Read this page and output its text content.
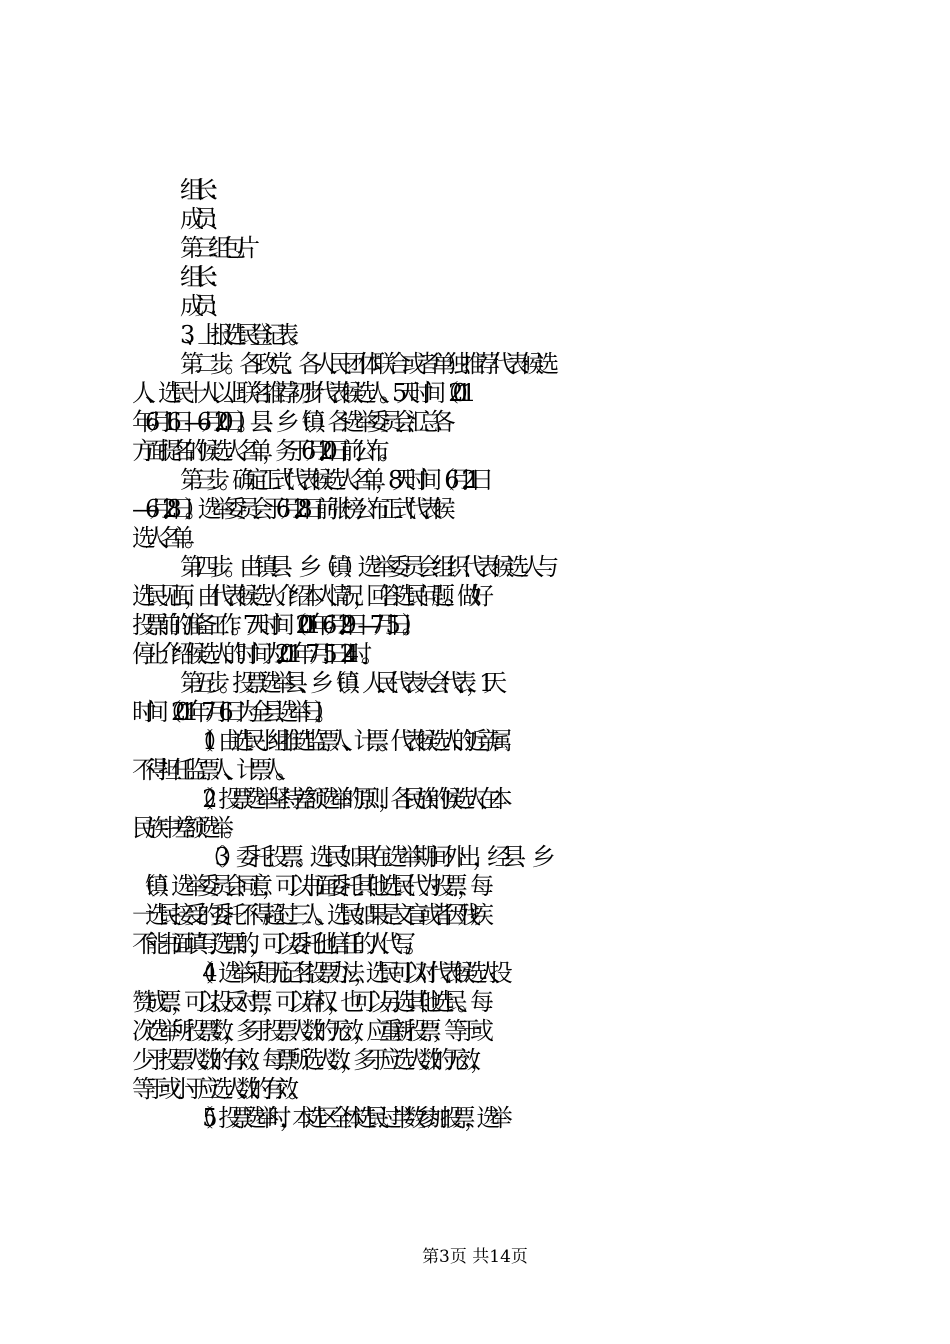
组长：
成员：
第三组包片
组长：
成员：
3、上报选民登记表。
第二步。各政党、各人民团体联合或者单独推荐代表候选
人、选民十人以上联名推荐初步代表候选人。5天时间（2011
年6月16日—6月20日）。县、乡（镇）各选举委员会汇总各
方面提名的候选人名单，务于6月20日前公布。
第三步。确定正式代表候选人名单，8天时间（6月21日
—6月28日）。选举委员会于6月28日前张榜公布正式代表候
选人名单。
第四步。由镇县、乡（镇）选举委员会组织代表候选人与
选民见面，由代表候选人介绍本人情况，回答选民问题。做好
投票前的准备工作。7天时间（2011年6月29日—7月5日）。
停止介绍候选人的时间为2011年7月5日24时。
第五步。投票选举县、乡（镇）人民代表大会代表，1天
时间（2011年7月6日为全县选举日）。
（1）由选民小组推选监票人、计票。代表候选人的近亲属
不得担任监票人、计票人。
（2）投票选举坚持差额选举的原则，各民族的候选人在本
民族中差额选举。
（3）委托投票。选民如果在选举期间外出，经县、乡
（镇）选举委员会同意，可以书面委托其他选民代为投票，每
一选民接受的委托不得超过三人。选民如果是文盲或者因残疾
不能书面填写选票的，可以委托他信任的人代写。
（4）选举采用无记名投票办法，选民可以对代表候选人投
赞成票，可以投反对票，可以弃权，也可以另选其他选民。每
次选举所投票数，多于投票人数的无效，应重新投票；等于或
少于投票人数的有效。每票所选人数，多于应选人数的无效，
等于或小于应选人数的有效。
（5）投票选举时，本选区全体选民过半数参加投票，选举
第3页 共14页
